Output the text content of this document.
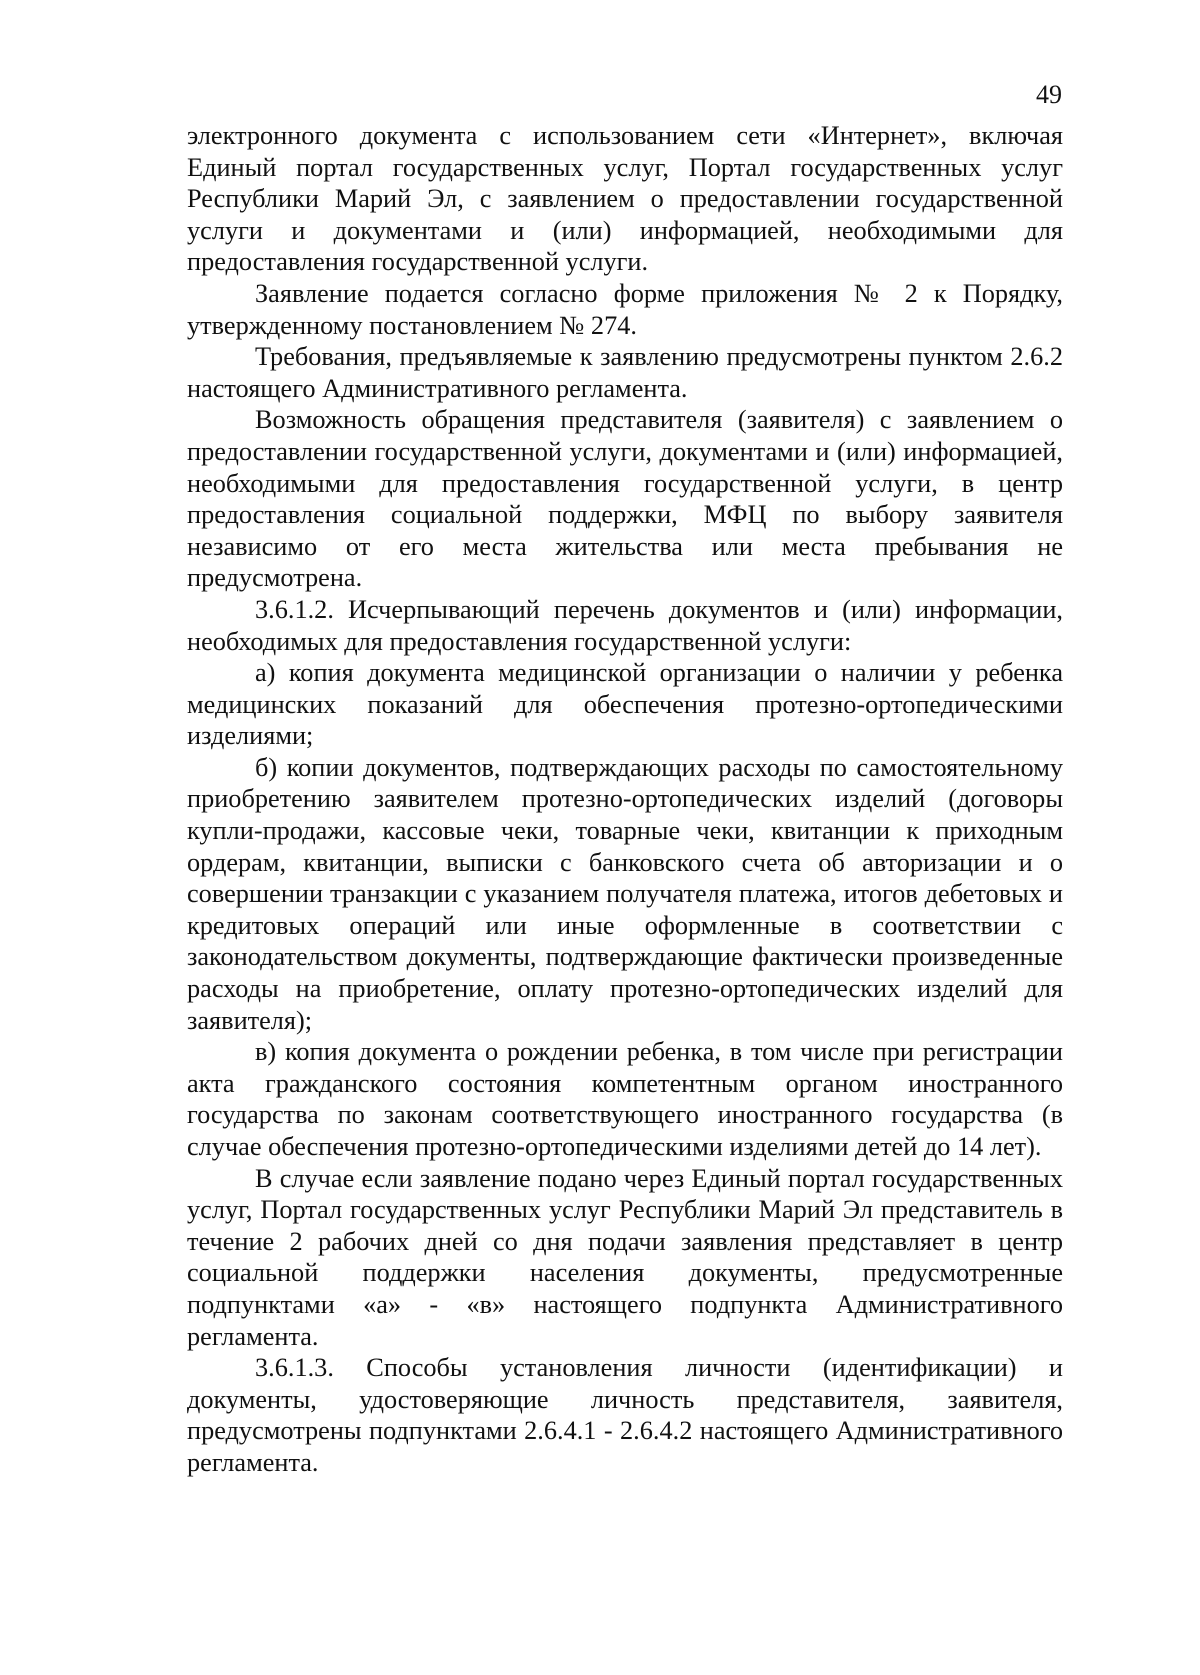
49

электронного документа с использованием сети «Интернет», включая Единый портал государственных услуг, Портал государственных услуг Республики Марий Эл, с заявлением о предоставлении государственной услуги и документами и (или) информацией, необходимыми для предоставления государственной услуги.

Заявление подается согласно форме приложения № 2 к Порядку, утвержденному постановлением № 274.

Требования, предъявляемые к заявлению предусмотрены пунктом 2.6.2 настоящего Административного регламента.

Возможность обращения представителя (заявителя) с заявлением о предоставлении государственной услуги, документами и (или) информацией, необходимыми для предоставления государственной услуги, в центр предоставления социальной поддержки, МФЦ по выбору заявителя независимо от его места жительства или места пребывания не предусмотрена.

3.6.1.2. Исчерпывающий перечень документов и (или) информации, необходимых для предоставления государственной услуги:

а) копия документа медицинской организации о наличии у ребенка медицинских показаний для обеспечения протезно-ортопедическими изделиями;

б) копии документов, подтверждающих расходы по самостоятельному приобретению заявителем протезно-ортопедических изделий (договоры купли-продажи, кассовые чеки, товарные чеки, квитанции к приходным ордерам, квитанции, выписки с банковского счета об авторизации и о совершении транзакции с указанием получателя платежа, итогов дебетовых и кредитовых операций или иные оформленные в соответствии с законодательством документы, подтверждающие фактически произведенные расходы на приобретение, оплату протезно-ортопедических изделий для заявителя);

в) копия документа о рождении ребенка, в том числе при регистрации акта гражданского состояния компетентным органом иностранного государства по законам соответствующего иностранного государства (в случае обеспечения протезно-ортопедическими изделиями детей до 14 лет).

В случае если заявление подано через Единый портал государственных услуг, Портал государственных услуг Республики Марий Эл представитель в течение 2 рабочих дней со дня подачи заявления представляет в центр социальной поддержки населения документы, предусмотренные подпунктами «а» - «в» настоящего подпункта Административного регламента.

3.6.1.3. Способы установления личности (идентификации) и документы, удостоверяющие личность представителя, заявителя, предусмотрены подпунктами 2.6.4.1 - 2.6.4.2 настоящего Административного регламента.
